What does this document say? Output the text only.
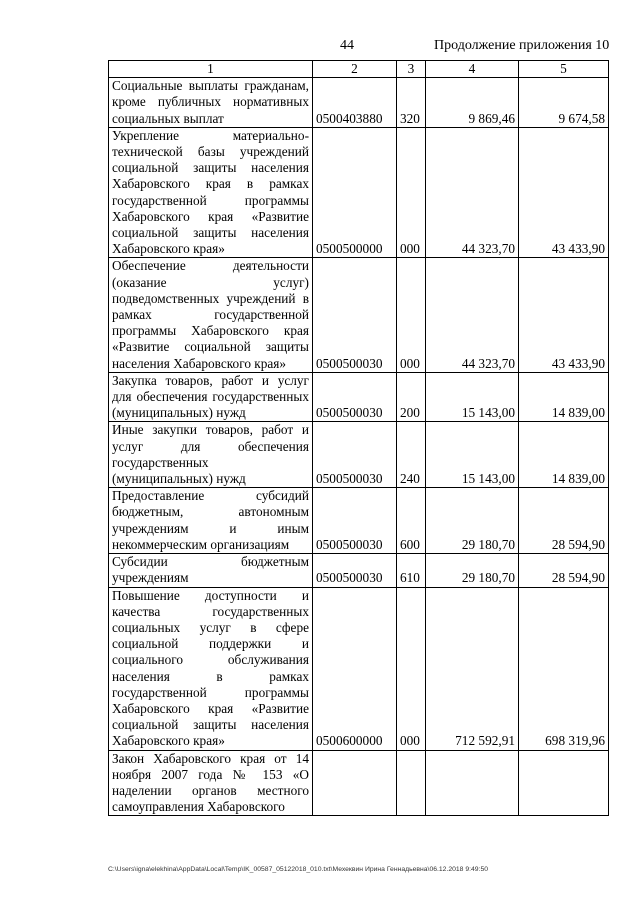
44	Продолжение приложения 10
1	2	3	4	5
Социальные выплаты гражданам, кроме публичных нормативных социальных выплат	0500403880	320	9 869,46	9 674,58
Укрепление материально-технической базы учреждений социальной защиты населения Хабаровского края в рамках государственной программы Хабаровского края «Развитие социальной защиты населения Хабаровского края»	0500500000	000	44 323,70	43 433,90
Обеспечение деятельности (оказание услуг) подведомственных учреждений в рамках государственной программы Хабаровского края «Развитие социальной защиты населения Хабаровского края»	0500500030	000	44 323,70	43 433,90
Закупка товаров, работ и услуг для обеспечения государственных (муниципальных) нужд	0500500030	200	15 143,00	14 839,00
Иные закупки товаров, работ и услуг для обеспечения государственных (муниципальных) нужд	0500500030	240	15 143,00	14 839,00
Предоставление субсидий бюджетным, автономным учреждениям и иным некоммерческим организациям	0500500030	600	29 180,70	28 594,90
Субсидии бюджетным учреждениям	0500500030	610	29 180,70	28 594,90
Повышение доступности и качества государственных социальных услуг в сфере социальной поддержки и социального обслуживания населения в рамках государственной программы Хабаровского края «Развитие социальной защиты населения Хабаровского края»	0500600000	000	712 592,91	698 319,96
Закон Хабаровского края от 14 ноября 2007 года № 153 «О наделении органов местного самоуправления Хабаровского				
C:\Users\igna\elekhina\AppData\Local\Temp\IK_00587_05122018_010.txt\Мехеквин Ирина Геннадьевна\06.12.2018 9:49:50
